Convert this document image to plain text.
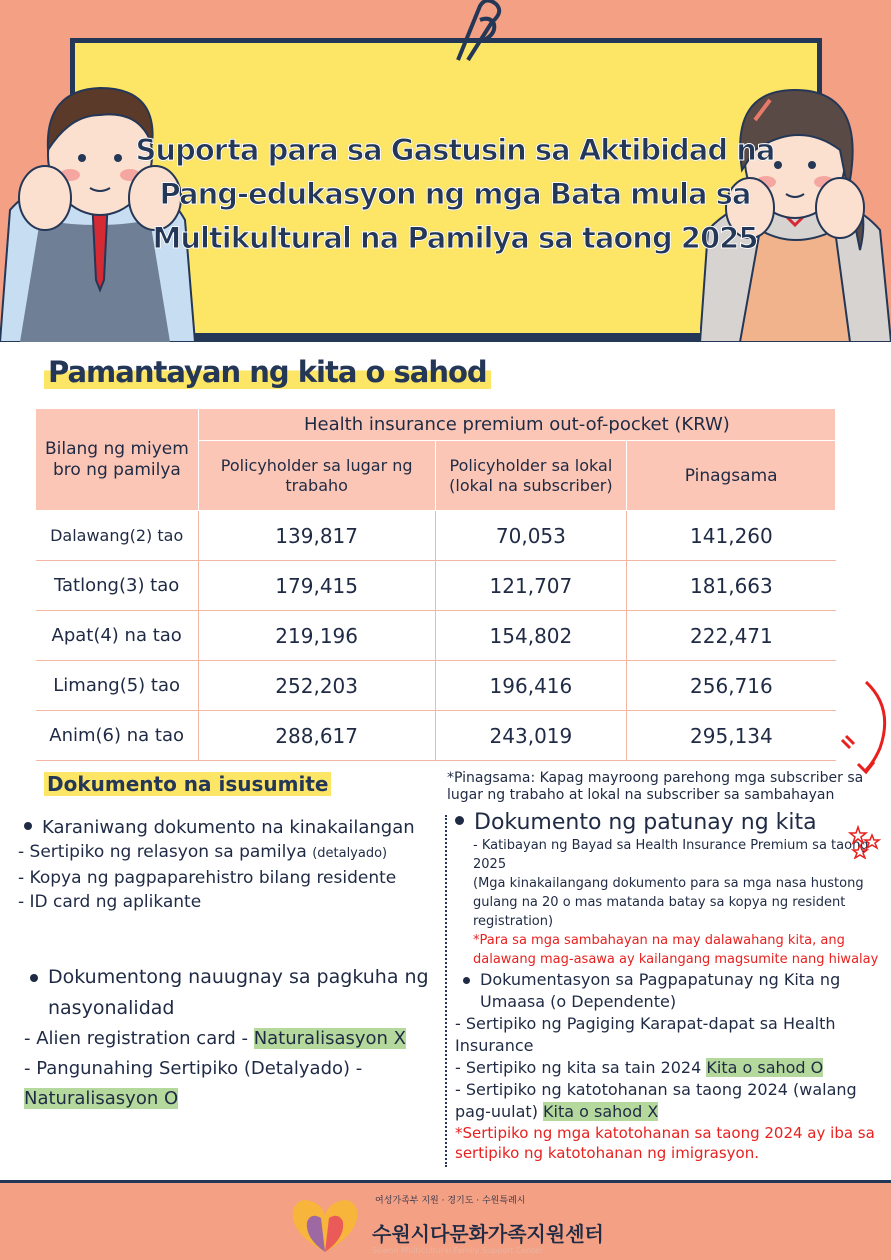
Suporta para sa Gastusin sa Aktibidad na
Pang-edukasyon ng mga Bata mula sa
Multikultural na Pamilya sa taong 2025
Pamantayan ng kita o sahod
Bilang ng miyem bro ng pamilya	Health insurance premium out-of-pocket (KRW)		
	Policyholder sa lugar ng trabaho	Policyholder sa lokal (lokal na subscriber)	Pinagsama
Dalawang(2) tao	139,817	70,053	141,260
Tatlong(3) tao	179,415	121,707	181,663
Apat(4) na tao	219,196	154,802	222,471
Limang(5) tao	252,203	196,416	256,716
Anim(6) na tao	288,617	243,019	295,134
Dokumento na isusumite	*Pinagsama: Kapag mayroong parehong mga subscriber sa lugar ng trabaho at lokal na subscriber sa sambahayan
Karaniwang dokumento na kinakailangan
- Sertipiko ng relasyon sa pamilya (detalyado)
- Kopya ng pagpaparehistro bilang residente
- ID card ng aplikante
Dokumentong nauugnay sa pagkuha ng nasyonalidad
- Alien registration card - Naturalisasyon X
- Pangunahing Sertipiko (Detalyado) - Naturalisasyon O
Dokumento ng patunay ng kita
- Katibayan ng Bayad sa Health Insurance Premium sa taong 2025
(Mga kinakailangang dokumento para sa mga nasa hustong gulang na 20 o mas matanda batay sa kopya ng resident registration)
*Para sa mga sambahayan na may dalawahang kita, ang dalawang mag-asawa ay kailangang magsumite nang hiwalay
Dokumentasyon sa Pagpapatunay ng Kita ng Umaasa (o Dependente)
- Sertipiko ng Pagiging Karapat-dapat sa Health Insurance
- Sertipiko ng kita sa tain 2024 Kita o sahod O
- Sertipiko ng katotohanan sa taong 2024 (walang pag-uulat) Kita o sahod X
*Sertipiko ng mga katotohanan sa taong 2024 ay iba sa sertipiko ng katotohanan ng imigrasyon.
여성가족부 지원 · 경기도 · 수원특례시
수원시다문화가족지원센터
Suwon Multicultural Family Support Center
